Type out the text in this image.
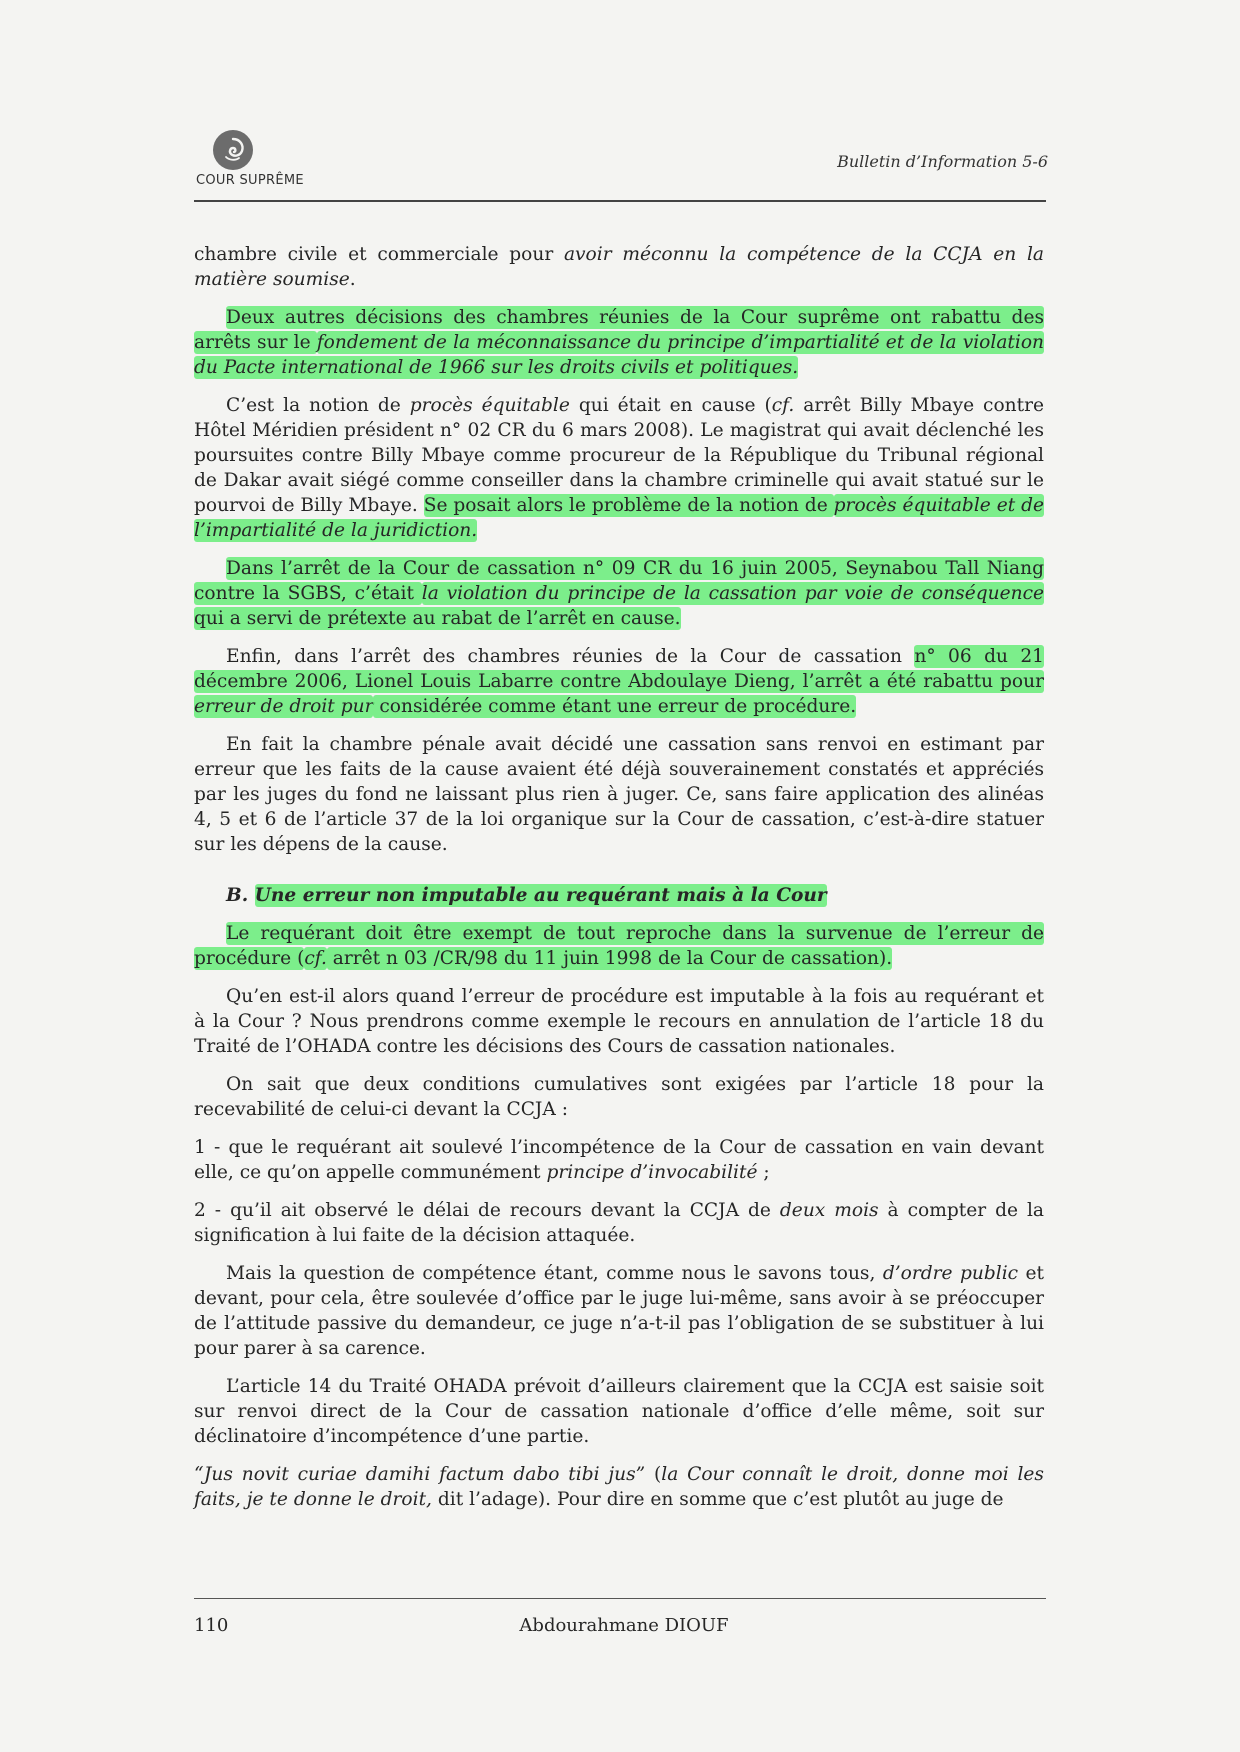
COUR SUPRÊME
Bulletin d’Information 5-6

chambre civile et commerciale pour avoir méconnu la compétence de la CCJA en la matière soumise.

Deux autres décisions des chambres réunies de la Cour suprême ont rabattu des arrêts sur le fondement de la méconnaissance du principe d’impartialité et de la violation du Pacte international de 1966 sur les droits civils et politiques.

C’est la notion de procès équitable qui était en cause (cf. arrêt Billy Mbaye contre Hôtel Méridien président n° 02 CR du 6 mars 2008). Le magistrat qui avait déclenché les poursuites contre Billy Mbaye comme procureur de la République du Tribunal régional de Dakar avait siégé comme conseiller dans la chambre criminelle qui avait statué sur le pourvoi de Billy Mbaye. Se posait alors le problème de la notion de procès équitable et de l’impartialité de la juridiction.

Dans l’arrêt de la Cour de cassation n° 09 CR du 16 juin 2005, Seynabou Tall Niang contre la SGBS, c’était la violation du principe de la cassation par voie de conséquence qui a servi de prétexte au rabat de l’arrêt en cause.

Enfin, dans l’arrêt des chambres réunies de la Cour de cassation n° 06 du 21 décembre 2006, Lionel Louis Labarre contre Abdoulaye Dieng, l’arrêt a été rabattu pour erreur de droit pur considérée comme étant une erreur de procédure.

En fait la chambre pénale avait décidé une cassation sans renvoi en estimant par erreur que les faits de la cause avaient été déjà souverainement constatés et appréciés par les juges du fond ne laissant plus rien à juger. Ce, sans faire application des alinéas 4, 5 et 6 de l’article 37 de la loi organique sur la Cour de cassation, c’est-à-dire statuer sur les dépens de la cause.

B. Une erreur non imputable au requérant mais à la Cour

Le requérant doit être exempt de tout reproche dans la survenue de l’erreur de procédure (cf. arrêt n 03 /CR/98 du 11 juin 1998 de la Cour de cassation).

Qu’en est-il alors quand l’erreur de procédure est imputable à la fois au requérant et à la Cour ? Nous prendrons comme exemple le recours en annulation de l’article 18 du Traité de l’OHADA contre les décisions des Cours de cassation nationales.

On sait que deux conditions cumulatives sont exigées par l’article 18 pour la recevabilité de celui-ci devant la CCJA :

1 - que le requérant ait soulevé l’incompétence de la Cour de cassation en vain devant elle, ce qu’on appelle communément principe d’invocabilité ;

2 - qu’il ait observé le délai de recours devant la CCJA de deux mois à compter de la signification à lui faite de la décision attaquée.

Mais la question de compétence étant, comme nous le savons tous, d’ordre public et devant, pour cela, être soulevée d’office par le juge lui-même, sans avoir à se préoccuper de l’attitude passive du demandeur, ce juge n’a-t-il pas l’obligation de se substituer à lui pour parer à sa carence.

L’article 14 du Traité OHADA prévoit d’ailleurs clairement que la CCJA est saisie soit sur renvoi direct de la Cour de cassation nationale d’office d’elle même, soit sur déclinatoire d’incompétence d’une partie.

“Jus novit curiae damihi factum dabo tibi jus” (la Cour connaît le droit, donne moi les faits, je te donne le droit, dit l’adage). Pour dire en somme que c’est plutôt au juge de

110	Abdourahmane DIOUF
